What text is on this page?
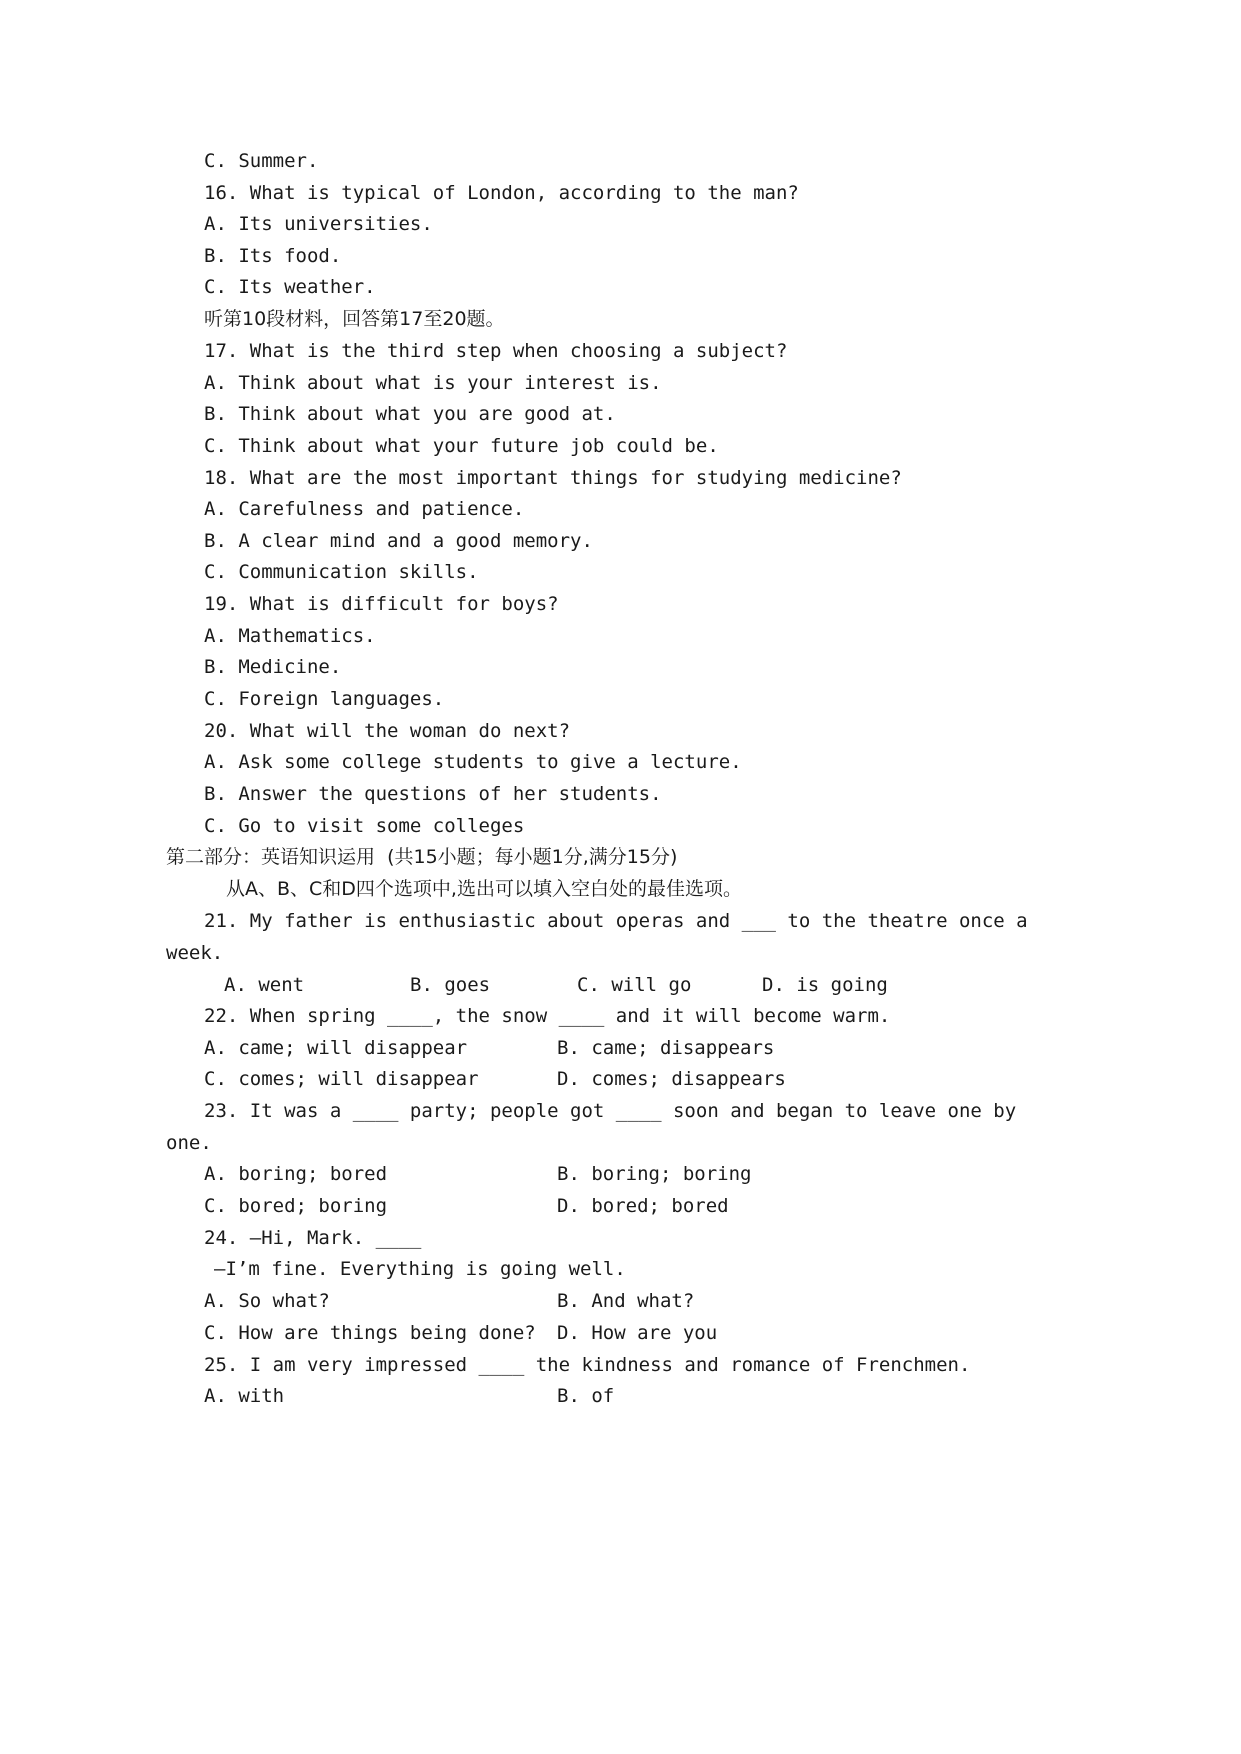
C. Summer.
16. What is typical of London, according to the man?
A. Its universities.
B. Its food.
C. Its weather.
听第10段材料，回答第17至20题。
17. What is the third step when choosing a subject?
A. Think about what is your interest is.
B. Think about what you are good at.
C. Think about what your future job could be.
18. What are the most important things for studying medicine?
A. Carefulness and patience.
B. A clear mind and a good memory.
C. Communication skills.
19. What is difficult for boys?
A. Mathematics.
B. Medicine.
C. Foreign languages.
20. What will the woman do next?
A. Ask some college students to give a lecture.
B. Answer the questions of her students.
C. Go to visit some colleges
第二部分：英语知识运用  (共15小题；每小题1分,满分15分)
从A、B、C和D四个选项中,选出可以填入空白处的最佳选项。
21. My father is enthusiastic about operas and ___ to the theatre once a
week.
A. went	B. goes	C. will go	D. is going
22. When spring ____, the snow ____ and it will become warm.
A. came; will disappear	B. came; disappears
C. comes; will disappear	D. comes; disappears
23. It was a ____ party; people got ____ soon and began to leave one by
one.
A. boring; bored	B. boring; boring
C. bored; boring	D. bored; bored
24. —Hi, Mark. ____
—I’m fine. Everything is going well.
A. So what?	B. And what?
C. How are things being done? D. How are you
25. I am very impressed ____ the kindness and romance of Frenchmen.
A. with	B. of
